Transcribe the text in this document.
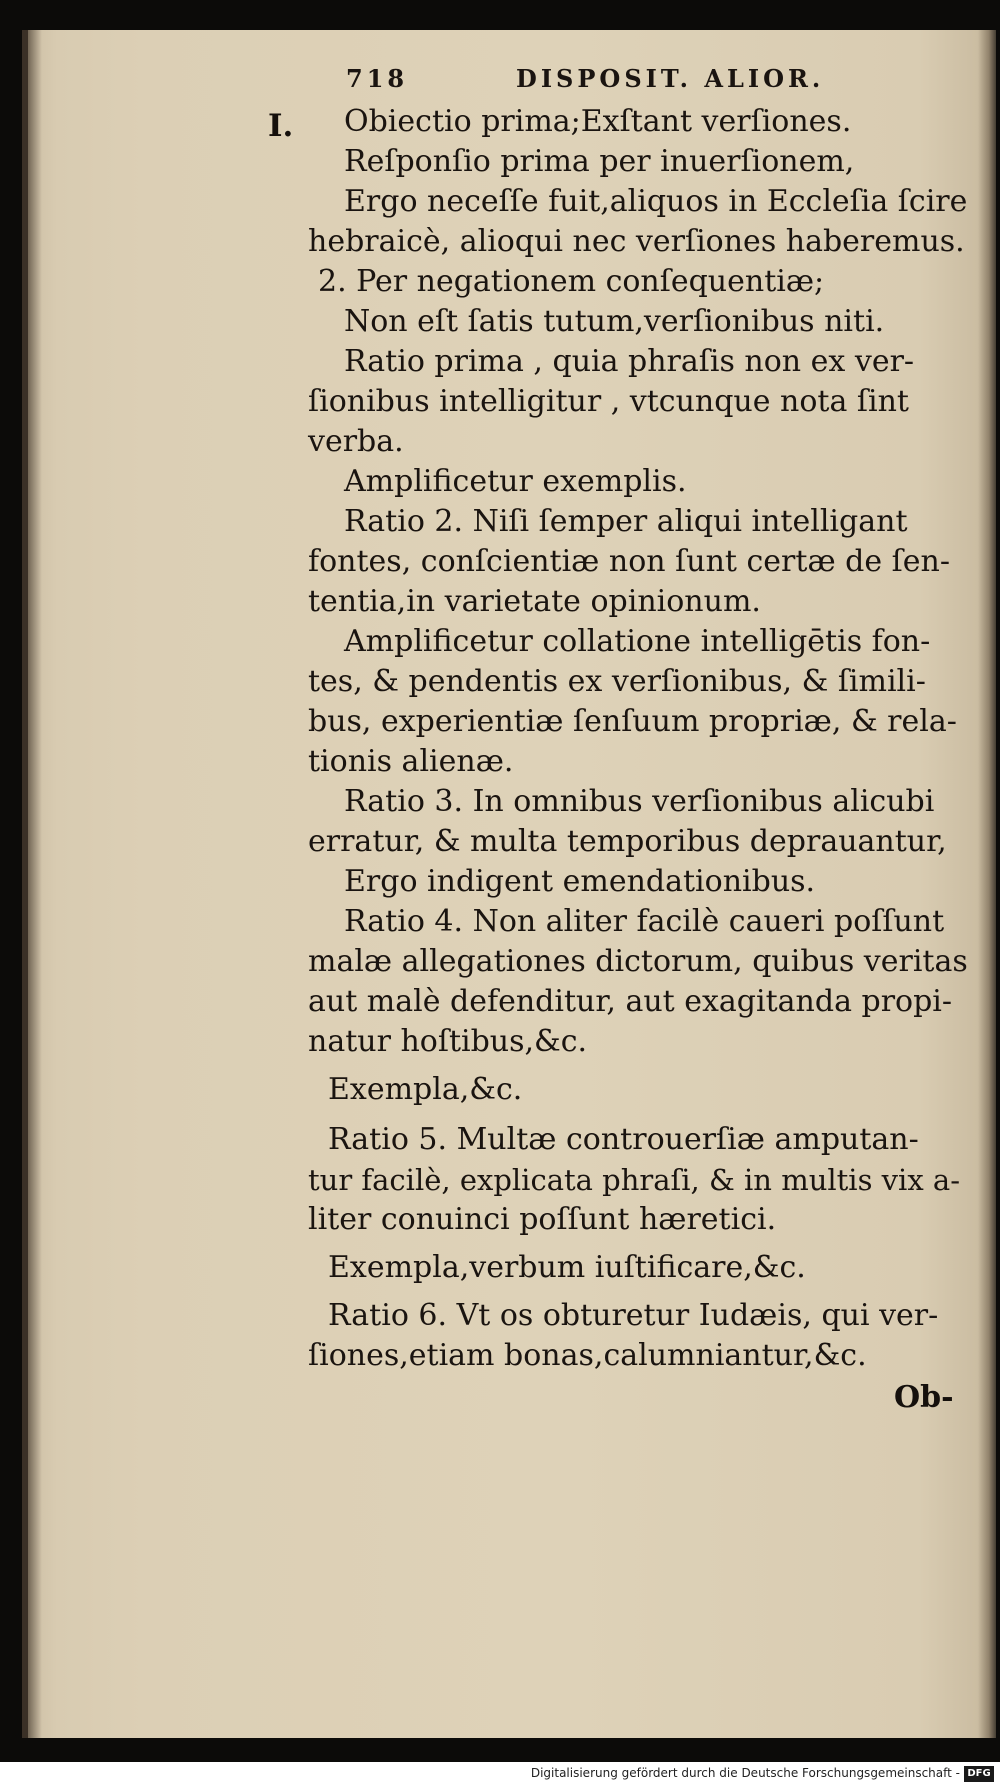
718	DISPOSIT. ALIOR.
I. Obiectio prima;Exſtant verſiones.

Reſponſio prima per inuerſionem,

Ergo neceſſe fuit,aliquos in Eccleſia ſcire

hebraicè, alioqui nec verſiones haberemus.

2. Per negationem conſequentiæ;

Non eſt ſatis tutum,verſionibus niti.

Ratio prima , quia phraſis non ex ver-

ſionibus intelligitur , vtcunque nota ſint

verba.

Amplificetur exemplis.

Ratio 2. Niſi ſemper aliqui intelligant

fontes, conſcientiæ non ſunt certæ de ſen-

tentia,in varietate opinionum.

Amplificetur collatione intelligētis fon-

tes, & pendentis ex verſionibus, & ſimili-

bus, experientiæ ſenſuum propriæ, & rela-

tionis alienæ.

Ratio 3. In omnibus verſionibus alicubi

erratur, & multa temporibus deprauantur,

Ergo indigent emendationibus.

Ratio 4. Non aliter facilè caueri poſſunt

malæ allegationes dictorum, quibus veritas

aut malè defenditur, aut exagitanda propi-

natur hoſtibus,&c.

Exempla,&c.

Ratio 5. Multæ controuerſiæ amputan-

tur facilè, explicata phraſi, & in multis vix a-

liter conuinci poſſunt hæretici.

Exempla,verbum iuſtificare,&c.

Ratio 6. Vt os obturetur Iudæis, qui ver-

ſiones,etiam bonas,calumniantur,&c.

Ob-
Digitalisierung gefördert durch die Deutsche Forschungsgemeinschaft - DFG
